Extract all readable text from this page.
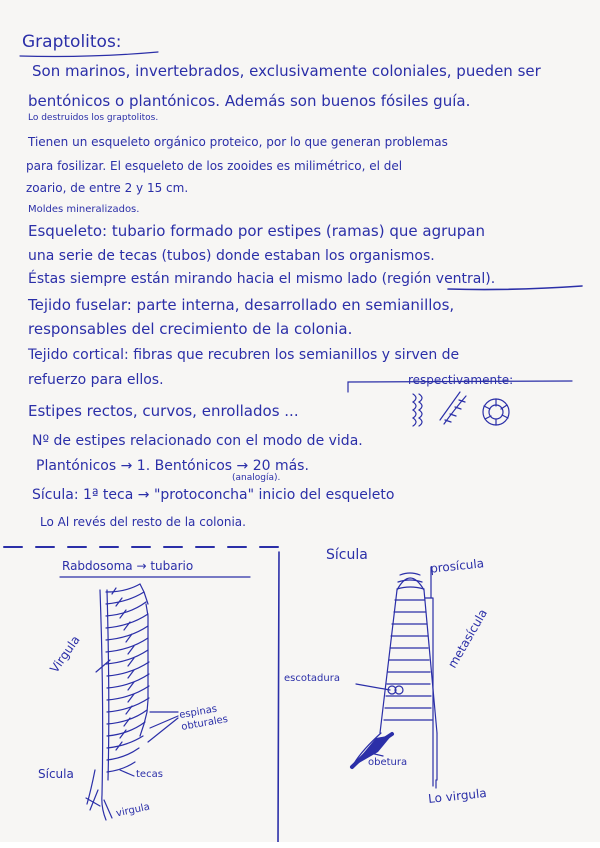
Graptolitos:
Son marinos, invertebrados, exclusivamente coloniales, pueden ser
bentónicos o plantónicos. Además son buenos fósiles guía.
Lo destruidos los graptolitos.
Tienen un esqueleto orgánico proteico, por lo que generan problemas
para fosilizar. El esqueleto de los zooides es milimétrico, el del
zoario, de entre 2 y 15 cm.
Moldes mineralizados.
Esqueleto: tubario formado por estipes (ramas) que agrupan
una serie de tecas (tubos) donde estaban los organismos.
Éstas siempre están mirando hacia el mismo lado (región ventral).
Tejido fuselar: parte interna, desarrollado en semianillos,
responsables del crecimiento de la colonia.
Tejido cortical: fibras que recubren los semianillos y sirven de
refuerzo para ellos.	respectivamente:
Estipes rectos, curvos, enrollados ...
Nº de estipes relacionado con el modo de vida.
Plantónicos → 1. Bentónicos → 20 más.
(analogía).
Sícula: 1ª teca → "protoconcha" inicio del esqueleto
Lo Al revés del resto de la colonia.
Rabdosoma → tubario
Virgula
espinas obturales
Sícula	tecas
virgula
Sícula
prosícula
metasícula
escotadura
obetura
Lo virgula
